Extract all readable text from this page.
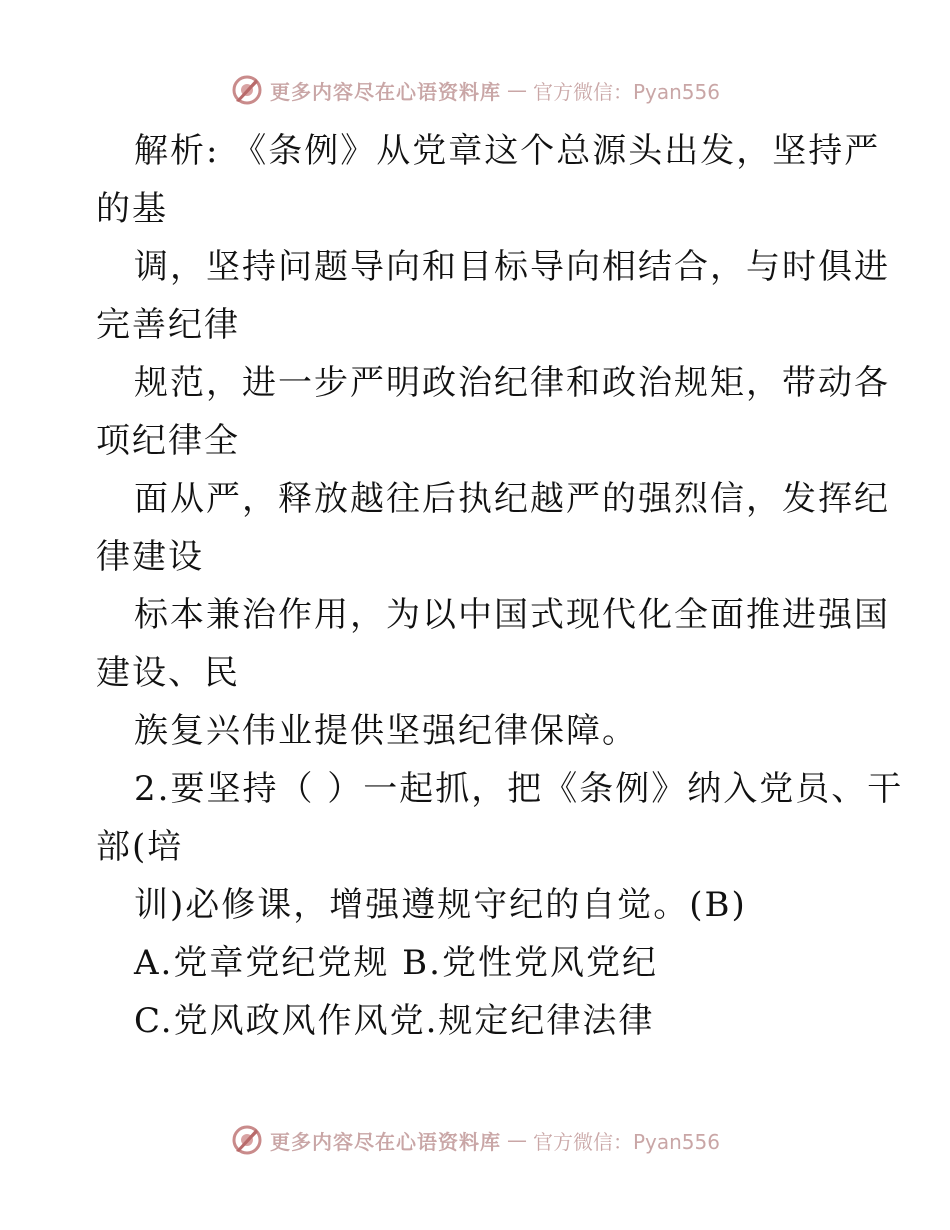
更多内容尽在心语资料库 — 官方微信：Pyan556
解析: 《条例》从党章这个总源头出发，坚持严
的基
调，坚持问题导向和目标导向相结合，与时俱进
完善纪律
规范，进一步严明政治纪律和政治规矩，带动各
项纪律全
面从严，释放越往后执纪越严的强烈信，发挥纪
律建设
标本兼治作用，为以中国式现代化全面推进强国
建设、民
族复兴伟业提供坚强纪律保障。
2.要坚持（ ）一起抓，把《条例》纳入党员、干
部(培
训)必修课，增强遵规守纪的自觉。(B)
A.党章党纪党规 B.党性党风党纪
C.党风政风作风党.规定纪律法律
更多内容尽在心语资料库 — 官方微信：Pyan556
